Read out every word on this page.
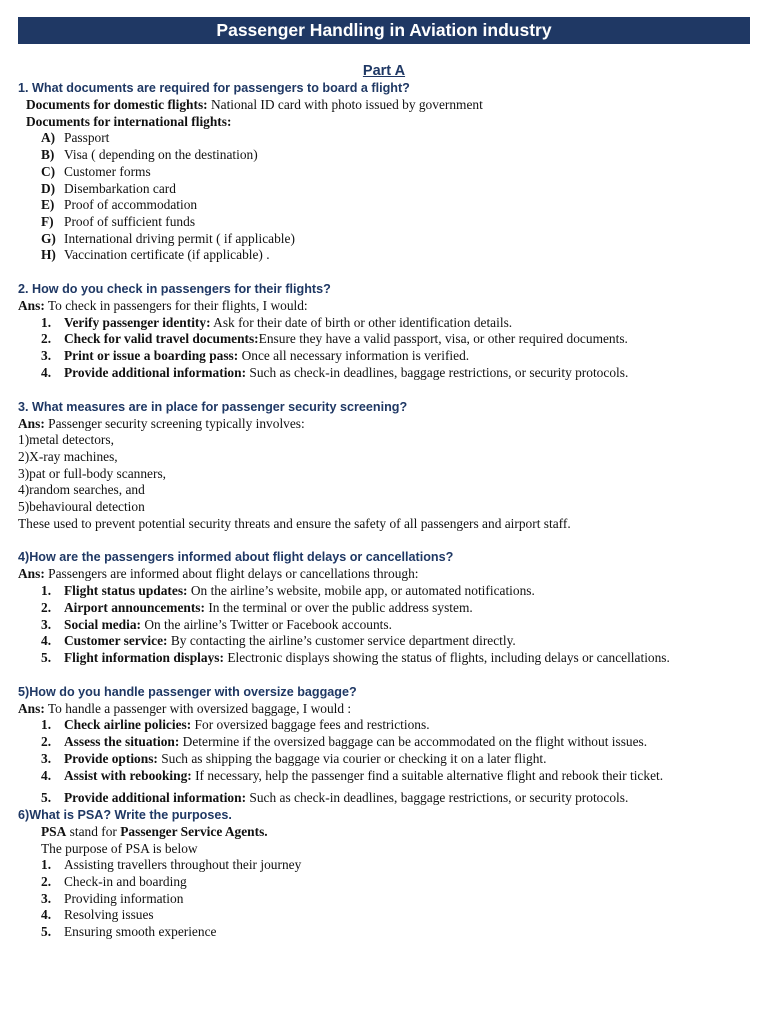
Passenger Handling in Aviation industry
Part A
1. What documents are required for passengers to board a flight?
Documents for domestic flights: National ID card with photo issued by government
Documents for international flights:
A) Passport
B) Visa ( depending on the destination)
C) Customer forms
D) Disembarkation card
E) Proof of accommodation
F) Proof of sufficient funds
G) International driving permit ( if applicable)
H) Vaccination certificate (if applicable) .
2. How do you check in passengers for their flights?
Ans: To check in passengers for their flights, I would:
1. Verify passenger identity: Ask for their date of birth or other identification details.
2. Check for valid travel documents:Ensure they have a valid passport, visa, or other required documents.
3. Print or issue a boarding pass: Once all necessary information is verified.
4. Provide additional information: Such as check-in deadlines, baggage restrictions, or security protocols.
3. What measures are in place for passenger security screening?
Ans: Passenger security screening typically involves:
1)metal detectors,
2)X-ray machines,
3)pat or full-body scanners,
4)random searches, and
5)behavioural detection
These used to prevent potential security threats and ensure the safety of all passengers and airport staff.
4)How are the passengers informed about flight delays or cancellations?
Ans: Passengers are informed about flight delays or cancellations through:
1. Flight status updates: On the airline’s website, mobile app, or automated notifications.
2. Airport announcements: In the terminal or over the public address system.
3. Social media: On the airline’s Twitter or Facebook accounts.
4. Customer service: By contacting the airline’s customer service department directly.
5. Flight information displays: Electronic displays showing the status of flights, including delays or cancellations.
5)How do you handle passenger with oversize baggage?
Ans: To handle a passenger with oversized baggage, I would :
1. Check airline policies: For oversized baggage fees and restrictions.
2. Assess the situation: Determine if the oversized baggage can be accommodated on the flight without issues.
3. Provide options: Such as shipping the baggage via courier or checking it on a later flight.
4. Assist with rebooking: If necessary, help the passenger find a suitable alternative flight and rebook their ticket.
5. Provide additional information: Such as check-in deadlines, baggage restrictions, or security protocols.
6)What is PSA? Write the purposes.
PSA stand for Passenger Service Agents.
The purpose of PSA is below
1. Assisting travellers throughout their journey
2. Check-in and boarding
3. Providing information
4. Resolving issues
5. Ensuring smooth experience
